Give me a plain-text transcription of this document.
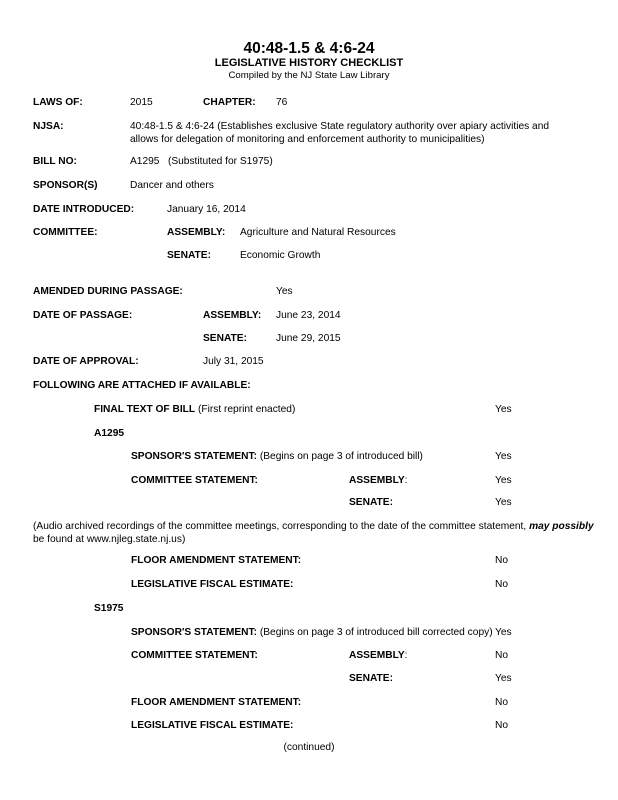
40:48-1.5 & 4:6-24
LEGISLATIVE HISTORY CHECKLIST
Compiled by the NJ State Law Library
LAWS OF:	2015	CHAPTER: 76
NJSA:	40:48-1.5 & 4:6-24 (Establishes exclusive State regulatory authority over apiary activities and allows for delegation of monitoring and enforcement authority to municipalities)
BILL NO:	A1295   (Substituted for S1975)
SPONSOR(S)	Dancer and others
DATE INTRODUCED:	January 16, 2014
COMMITTEE:	ASSEMBLY: Agriculture and Natural Resources
SENATE:	Economic Growth
AMENDED DURING PASSAGE:	Yes
DATE OF PASSAGE:	ASSEMBLY: June 23, 2014
SENATE:	June 29, 2015
DATE OF APPROVAL:	July 31, 2015
FOLLOWING ARE ATTACHED IF AVAILABLE:
FINAL TEXT OF BILL (First reprint enacted)	Yes
A1295
SPONSOR'S STATEMENT: (Begins on page 3 of introduced bill)	Yes
COMMITTEE STATEMENT:	ASSEMBLY:	Yes
SENATE:	Yes
(Audio archived recordings of the committee meetings, corresponding to the date of the committee statement, may possibly be found at www.njleg.state.nj.us)
FLOOR AMENDMENT STATEMENT:	No
LEGISLATIVE FISCAL ESTIMATE:	No
S1975
SPONSOR'S STATEMENT: (Begins on page 3 of introduced bill corrected copy) Yes
COMMITTEE STATEMENT:	ASSEMBLY:	No
SENATE:	Yes
FLOOR AMENDMENT STATEMENT:	No
LEGISLATIVE FISCAL ESTIMATE:	No
(continued)
